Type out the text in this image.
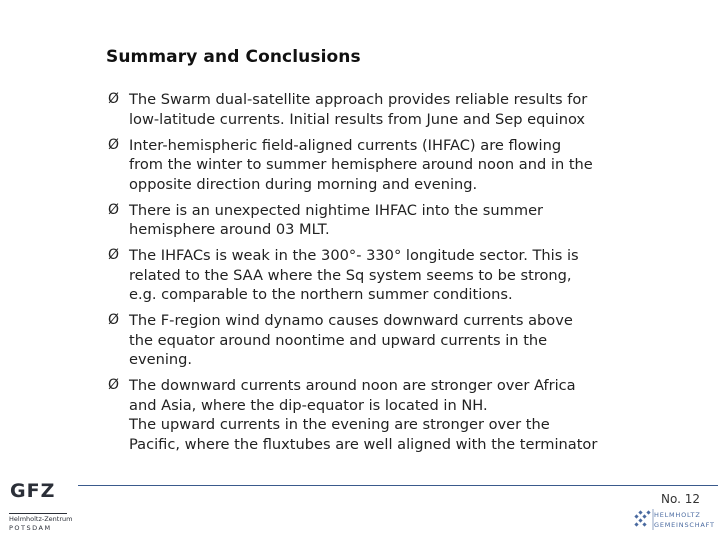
Summary and Conclusions
Ø The Swarm dual-satellite approach provides reliable results for
low-latitude currents. Initial results from June and Sep equinox
Ø Inter-hemispheric field-aligned currents (IHFAC) are flowing
from the winter to summer hemisphere around noon and in the
opposite direction during morning and evening.
Ø There is an unexpected nightime IHFAC into the summer
hemisphere around 03 MLT.
Ø The IHFACs is weak in the 300°- 330° longitude sector. This is
related to the SAA where the Sq system seems to be strong,
e.g. comparable to the northern summer conditions.
Ø The F-region wind dynamo causes downward currents above
the equator around noontime and upward currents in the
evening.
Ø The downward currents around noon are stronger over Africa
and Asia, where the dip-equator is located in NH.
The upward currents in the evening are stronger over the
Pacific, where the fluxtubes are well aligned with the terminator
GFZ
Helmholtz-Zentrum
POTSDAM
No. 12
HELMHOLTZ
GEMEINSCHAFT
